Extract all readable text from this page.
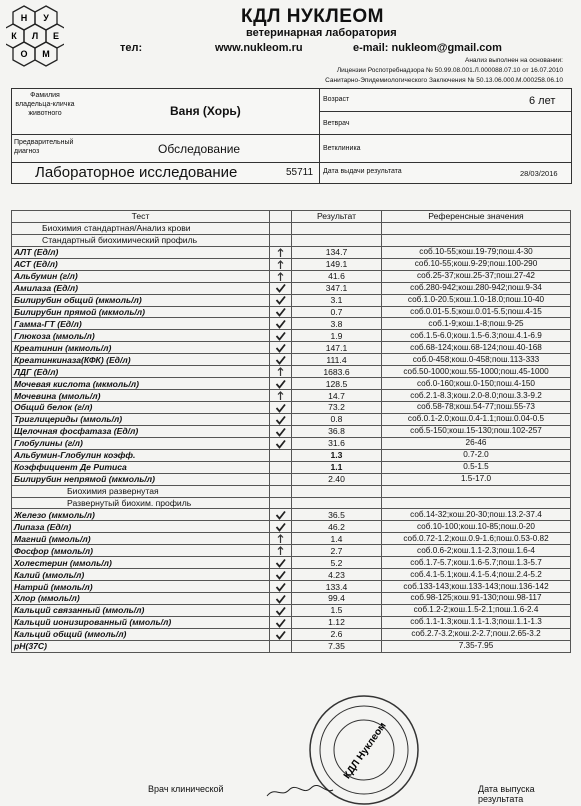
Н У
К Л Е
О М
КДЛ НУКЛЕОМ
ветеринарная лаборатория
тел:	www.nukleom.ru	e-mail: nukleom@gmail.com
Анализ выполнен на основании:
Лицензии Роспотребнадзора № 50.99.08.001.Л.000088.07.10 от 16.07.2010
Санитарно-Эпидемиологического Заключения № 50.13.06.000.М.000258.06.10
Фамилия владельца-кличка животного	Ваня (Хорь)
Возраст	6 лет
Ветврач
Предварительный диагноз	Обследование	Ветклиника
Лабораторное исследование	55711 Дата выдачи результата	28/03/2016
Тест		Результат	Референсные значения
Биохимия стандартная/Анализ крови			
Стандартный биохимический профиль			
АЛТ (Ед/л)		134.7	соб.10-55;кош.19-79;пош.4-30
АСТ (Ед/л)		149.1	соб.10-55;кош.9-29;пош.100-290
Альбумин (г/л)		41.6	соб.25-37;кош.25-37;пош.27-42
Амилаза (Ед/л)		347.1	соб.280-942;кош.280-942;пош.9-34
Билирубин общий (мкмоль/л)		3.1	соб.1.0-20.5;кош.1.0-18.0;пош.10-40
Билирубин прямой (мкмоль/л)		0.7	соб.0.01-5.5;кош.0.01-5.5;пош.4-15
Гамма-ГТ (Ед/л)		3.8	соб.1-9;кош.1-8;пош.9-25
Глюкоза (ммоль/л)		1.9	соб.1.5-6.0;кош.1.5-6.3;пош.4.1-6.9
Креатинин (мкмоль/л)		147.1	соб.68-124;кош.68-124;пош.40-168
Креатинкиназа(КФК) (Ед/л)		111.4	соб.0-458;кош.0-458;пош.113-333
ЛДГ (Ед/л)		1683.6	соб.50-1000;кош.55-1000;пош.45-1000
Мочевая кислота (мкмоль/л)		128.5	соб.0-160;кош.0-150;пош.4-150
Мочевина (ммоль/л)		14.7	соб.2.1-8.3;кош.2.0-8.0;пош.3.3-9.2
Общий белок (г/л)		73.2	соб.58-78;кош.54-77;пош.55-73
Триглицериды (ммоль/л)		0.8	соб.0.1-2.0;кош.0.4-1.1;пош.0.04-0.5
Щелочная фосфатаза (Ед/л)		36.8	соб.5-150;кош.15-130;пош.102-257
Глобулины (г/л)		31.6	26-46
Альбумин-Глобулин коэфф.		1.3	0.7-2.0
Коэффициент Де Ритиса		1.1	0.5-1.5
Билирубин непрямой (мкмоль/л)		2.40	1.5-17.0
Биохимия развернутая			
Развернутый биохим. профиль			
Железо (мкмоль/л)		36.5	соб.14-32;кош.20-30;пош.13.2-37.4
Липаза (Ед/л)		46.2	соб.10-100;кош.10-85;пош.0-20
Магний (ммоль/л)		1.4	соб.0.72-1.2;кош.0.9-1.6;пош.0.53-0.82
Фосфор (ммоль/л)		2.7	соб.0.6-2;кош.1.1-2.3;пош.1.6-4
Холестерин (ммоль/л)		5.2	соб.1.7-5.7;кош.1.6-5.7;пош.1.3-5.7
Калий (ммоль/л)		4.23	соб.4.1-5.1;кош.4.1-5.4;пош.2.4-5.2
Натрий (ммоль/л)		133.4	соб.133-143;кош.133-143;пош.136-142
Хлор (ммоль/л)		99.4	соб.98-125;кош.91-130;пош.98-117
Кальций связанный (ммоль/л)		1.5	соб.1.2-2;кош.1.5-2.1;пош.1.6-2.4
Кальций ионизированный (ммоль/л)		1.12	соб.1.1-1.3;кош.1.1-1.3;пош.1.1-1.3
Кальций общий (ммоль/л)		2.6	соб.2.7-3.2;кош.2-2.7;пош.2.65-3.2
pH(37C)		7.35	7.35-7.95
КДЛ Нуклеом
Врач клинической	Дата выпуска результата
